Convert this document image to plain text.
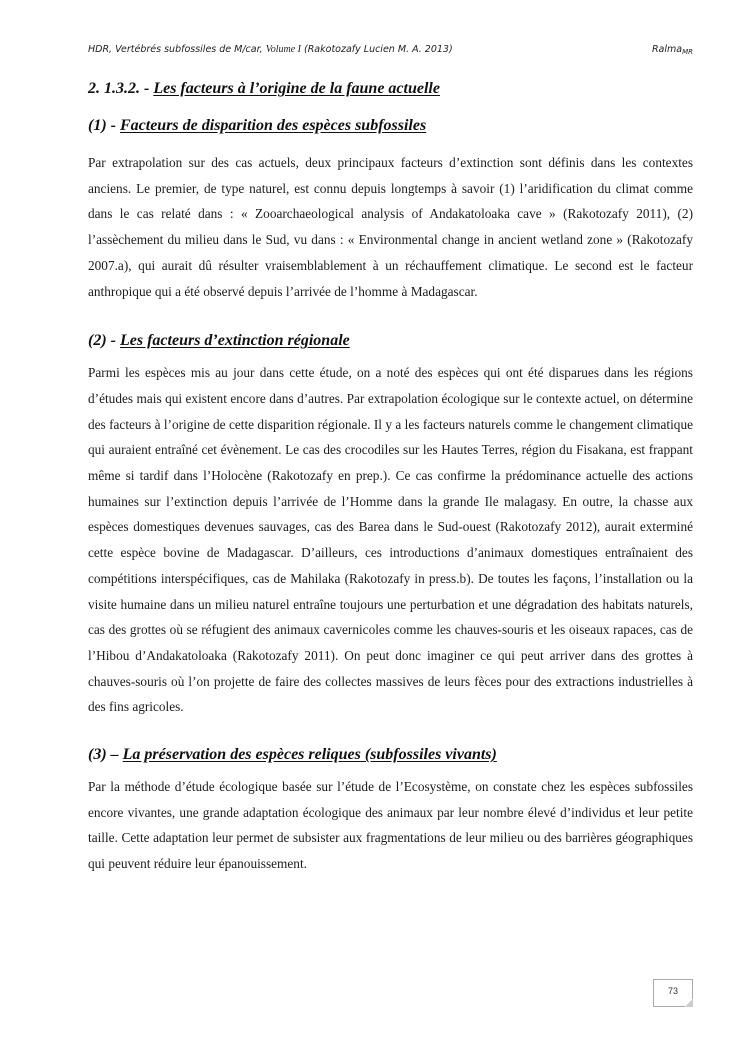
HDR, Vertébrés subfossiles de M/car, Volume I (Rakotozafy Lucien M. A. 2013)	Ralma$_{MR}$
2. 1.3.2. - Les facteurs à l’origine de la faune actuelle
(1) - Facteurs de disparition des espèces subfossiles

Par extrapolation sur des cas actuels, deux principaux facteurs d’extinction sont définis dans les contextes anciens. Le premier, de type naturel, est connu depuis longtemps à savoir (1) l’aridification du climat comme dans le cas relaté dans : « Zooarchaeological analysis of Andakatoloaka cave » (Rakotozafy 2011), (2) l’assèchement du milieu dans le Sud, vu dans : « Environmental change in ancient wetland zone » (Rakotozafy 2007.a), qui aurait dû résulter vraisemblablement à un réchauffement climatique. Le second est le facteur anthropique qui a été observé depuis l’arrivée de l’homme à Madagascar.

(2) - Les facteurs d’extinction régionale

Parmi les espèces mis au jour dans cette étude, on a noté des espèces qui ont été disparues dans les régions d’études mais qui existent encore dans d’autres. Par extrapolation écologique sur le contexte actuel, on détermine des facteurs à l’origine de cette disparition régionale. Il y a les facteurs naturels comme le changement climatique qui auraient entraîné cet évènement. Le cas des crocodiles sur les Hautes Terres, région du Fisakana, est frappant même si tardif dans l’Holocène (Rakotozafy en prep.). Ce cas confirme la prédominance actuelle des actions humaines sur l’extinction depuis l’arrivée de l’Homme dans la grande Ile malagasy. En outre, la chasse aux espèces domestiques devenues sauvages, cas des Barea dans le Sud-ouest (Rakotozafy 2012), aurait exterminé cette espèce bovine de Madagascar. D’ailleurs, ces introductions d’animaux domestiques entraînaient des compétitions interspécifiques, cas de Mahilaka (Rakotozafy in press.b). De toutes les façons, l’installation ou la visite humaine dans un milieu naturel entraîne toujours une perturbation et une dégradation des habitats naturels, cas des grottes où se réfugient des animaux cavernicoles comme les chauves-souris et les oiseaux rapaces, cas de l’Hibou d’Andakatoloaka (Rakotozafy 2011). On peut donc imaginer ce qui peut arriver dans des grottes à chauves-souris où l’on projette de faire des collectes massives de leurs fèces pour des extractions industrielles à des fins agricoles.

(3) – La préservation des espèces reliques (subfossiles vivants)

Par la méthode d’étude écologique basée sur l’étude de l’Ecosystème, on constate chez les espèces subfossiles encore vivantes, une grande adaptation écologique des animaux par leur nombre élevé d’individus et leur petite taille. Cette adaptation leur permet de subsister aux fragmentations de leur milieu ou des barrières géographiques qui peuvent réduire leur épanouissement.

73
